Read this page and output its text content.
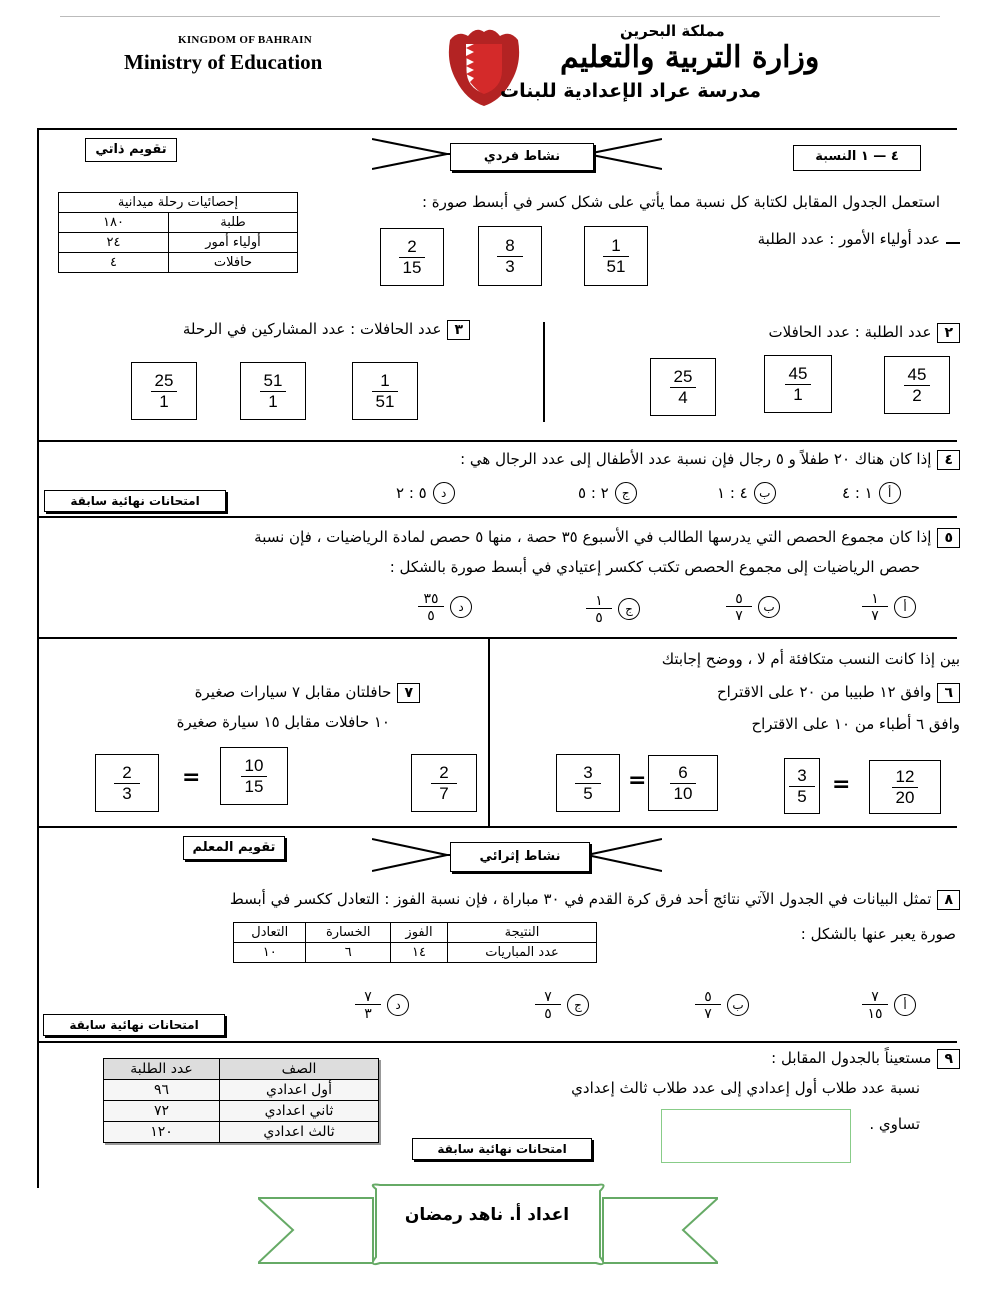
KINGDOM OF BAHRAIN
Ministry of Education
مملكة البحرين
وزارة التربية والتعليم
مدرسة عراد الإعدادية للبنات
تقويم ذاتي	نشاط فردي	٤ — ١ النسبة
استعمل الجدول المقابل لكتابة كل نسبة مما يأتي على شكل كسر في أبسط صورة :
إحصائيات رحلة ميدانية	
طلبة	١٨٠
أولياء أمور	٢٤
حافلات	٤
عدد أولياء الأمور : عدد الطلبة
$\frac{1}{51}$
$\frac{8}{3}$
$\frac{2}{15}$
٢عدد الطلبة : عدد الحافلات
$\frac{45}{2}$
$\frac{45}{1}$
$\frac{25}{4}$
٣عدد الحافلات : عدد المشاركين في الرحلة
$\frac{1}{51}$
$\frac{51}{1}$
$\frac{25}{1}$
٤إذا كان هناك ٢٠ طفلاً و ٥ رجال فإن نسبة عدد الأطفال إلى عدد الرجال هي :
امتحانات نهائية سابقة
أ
١ : ٤
ب
٤ : ١
ج
٢ : ٥
د
٥ : ٢
٥إذا كان مجموع الحصص التي يدرسها الطالب في الأسبوع ٣٥ حصة ، منها ٥ حصص لمادة الرياضيات ، فإن نسبة
حصص الرياضيات إلى مجموع الحصص تكتب ككسر إعتيادي في أبسط صورة بالشكل :
أ
$\frac{١}{٧}$
ب
$\frac{٥}{٧}$
ج
$\frac{١}{٥}$
د
$\frac{٣٥}{٥}$
بين إذا كانت النسب متكافئة أم لا ، ووضح إجابتك
٦وافق ١٢ طبيبا من ٢٠ على الاقتراح
وافق ٦ أطباء من ١٠ على الاقتراح
$\frac{12}{20}$
=
$\frac{3}{5}$
$\frac{6}{10}$
=
$\frac{3}{5}$
٧حافلتان مقابل ٧ سيارات صغيرة
١٠ حافلات مقابل ١٥ سيارة صغيرة
$\frac{2}{7}$
$\frac{10}{15}$
=
$\frac{2}{3}$
تقويم المعلم
نشاط إثرائي
٨تمثل البيانات في الجدول الآتي نتائج أحد فرق كرة القدم في ٣٠ مباراة ، فإن نسبة الفوز : التعادل ككسر في أبسط
صورة يعبر عنها بالشكل :
النتيجة	الفوز	الخسارة	التعادل
عدد المباريات	١٤	٦	١٠
أ
$\frac{٧}{١٥}$
ب
$\frac{٥}{٧}$
ج
$\frac{٧}{٥}$
د
$\frac{٧}{٣}$
امتحانات نهائية سابقة
٩مستعيناً بالجدول المقابل :
نسبة عدد طلاب أول إعدادي إلى عدد طلاب ثالث إعدادي
تساوي .
امتحانات نهائية سابقة
الصف	عدد الطلبة
أول اعدادي	٩٦
ثاني اعدادي	٧٢
ثالث اعدادي	١٢٠
اعداد أ. ناهد رمضان
